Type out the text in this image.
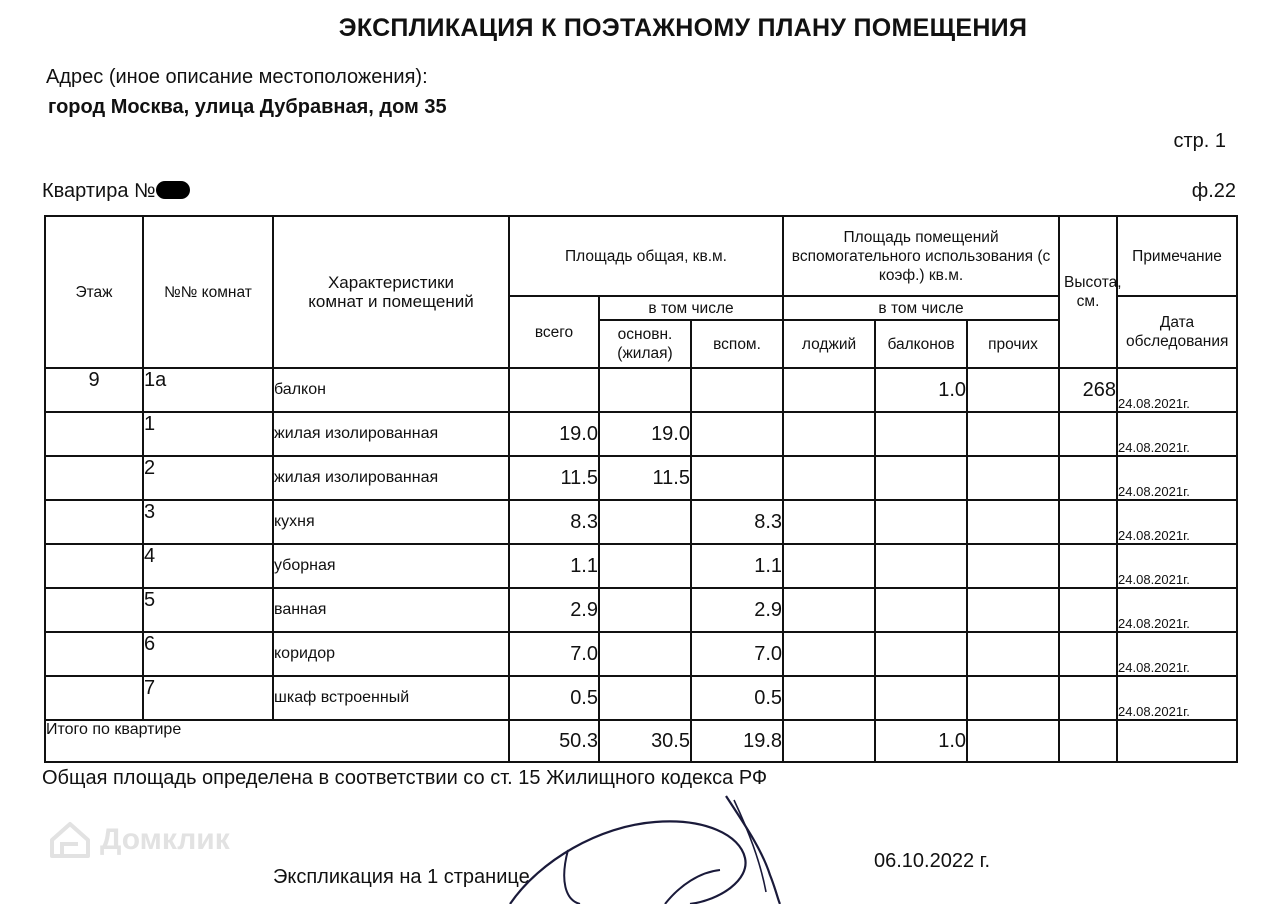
ЭКСПЛИКАЦИЯ К ПОЭТАЖНОМУ ПЛАНУ ПОМЕЩЕНИЯ
Адрес (иное описание местоположения):
город Москва, улица Дубравная, дом 35
стр. 1
Квартира №	ф.22
Этаж	№№ комнат	Характеристики комнат и помещений	Площадь общая, кв.м.			Площадь помещений вспомогательного использования (с коэф.) кв.м.			Высота, см.	Примечание
			всего	в том числе		в том числе				Дата обследования
				основн. (жилая)	вспом.	лоджий	балконов	прочих		
9	1а	балкон					1.0		268	24.08.2021г.
	1	жилая изолированная	19.0	19.0						24.08.2021г.
	2	жилая изолированная	11.5	11.5						24.08.2021г.
	3	кухня	8.3		8.3					24.08.2021г.
	4	уборная	1.1		1.1					24.08.2021г.
	5	ванная	2.9		2.9					24.08.2021г.
	6	коридор	7.0		7.0					24.08.2021г.
	7	шкаф встроенный	0.5		0.5					24.08.2021г.
Итого по квартире			50.3	30.5	19.8		1.0			
Общая площадь определена в соответствии со ст. 15 Жилищного кодекса РФ
Домклик
Экспликация на 1 странице
06.10.2022 г.
